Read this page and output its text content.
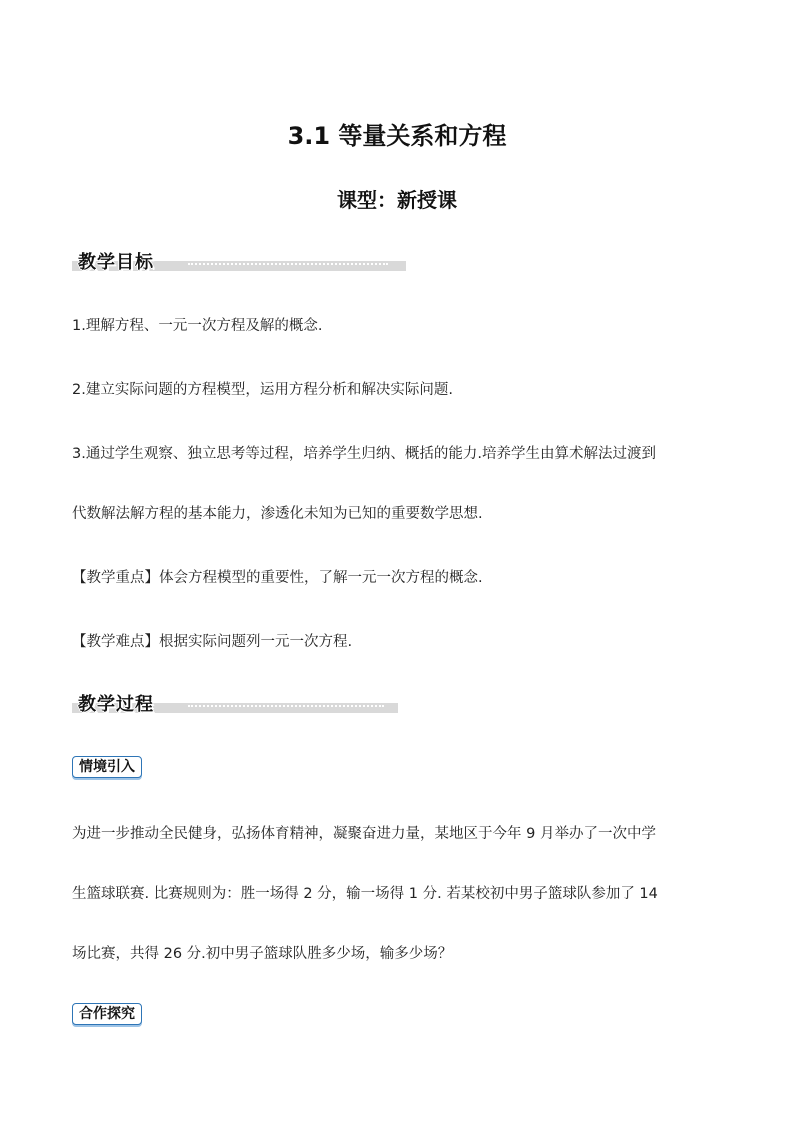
3.1 等量关系和方程
课型：新授课
教学目标
1.理解方程、一元一次方程及解的概念.
2.建立实际问题的方程模型，运用方程分析和解决实际问题.
3.通过学生观察、独立思考等过程，培养学生归纳、概括的能力.培养学生由算术解法过渡到
代数解法解方程的基本能力，渗透化未知为已知的重要数学思想.
【教学重点】体会方程模型的重要性，了解一元一次方程的概念.
【教学难点】根据实际问题列一元一次方程.
教学过程
情境引入
为进一步推动全民健身，弘扬体育精神，凝聚奋进力量，某地区于今年 9 月举办了一次中学
生篮球联赛. 比赛规则为：胜一场得 2 分，输一场得 1 分. 若某校初中男子篮球队参加了 14
场比赛，共得 26 分.初中男子篮球队胜多少场，输多少场？
合作探究
